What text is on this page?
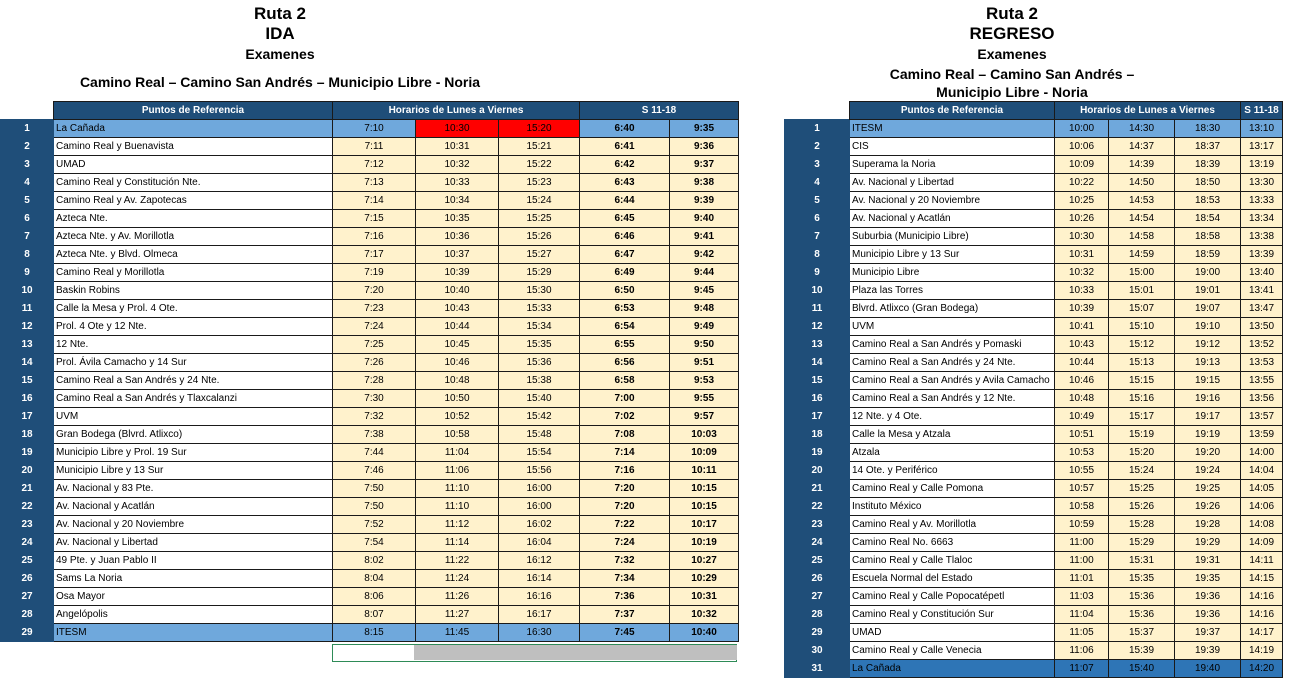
Ruta 2
IDA
Examenes
Camino Real – Camino San Andrés – Municipio Libre - Noria
Ruta 2
REGRESO
Examenes
Camino Real – Camino San Andrés –
Municipio Libre - Noria
	Puntos de Referencia	Horarios de Lunes a Viernes			S 11-18	
1	La Cañada	7:10	10:30	15:20	6:40	9:35
2	Camino Real y Buenavista	7:11	10:31	15:21	6:41	9:36
3	UMAD	7:12	10:32	15:22	6:42	9:37
4	Camino Real y Constitución Nte.	7:13	10:33	15:23	6:43	9:38
5	Camino Real y Av. Zapotecas	7:14	10:34	15:24	6:44	9:39
6	Azteca Nte.	7:15	10:35	15:25	6:45	9:40
7	Azteca Nte. y Av. Morillotla	7:16	10:36	15:26	6:46	9:41
8	Azteca Nte. y Blvd. Olmeca	7:17	10:37	15:27	6:47	9:42
9	Camino Real y Morillotla	7:19	10:39	15:29	6:49	9:44
10	Baskin Robins	7:20	10:40	15:30	6:50	9:45
11	Calle la Mesa y Prol. 4 Ote.	7:23	10:43	15:33	6:53	9:48
12	Prol. 4 Ote y 12 Nte.	7:24	10:44	15:34	6:54	9:49
13	12 Nte.	7:25	10:45	15:35	6:55	9:50
14	Prol. Ávila Camacho y 14 Sur	7:26	10:46	15:36	6:56	9:51
15	Camino Real a San Andrés y 24 Nte.	7:28	10:48	15:38	6:58	9:53
16	Camino Real a San Andrés y Tlaxcalanzi	7:30	10:50	15:40	7:00	9:55
17	UVM	7:32	10:52	15:42	7:02	9:57
18	Gran Bodega (Blvrd. Atlixco)	7:38	10:58	15:48	7:08	10:03
19	Municipio Libre y Prol. 19 Sur	7:44	11:04	15:54	7:14	10:09
20	Municipio Libre y 13 Sur	7:46	11:06	15:56	7:16	10:11
21	Av. Nacional y 83 Pte.	7:50	11:10	16:00	7:20	10:15
22	Av. Nacional y Acatlán	7:50	11:10	16:00	7:20	10:15
23	Av. Nacional y 20 Noviembre	7:52	11:12	16:02	7:22	10:17
24	Av. Nacional y Libertad	7:54	11:14	16:04	7:24	10:19
25	49 Pte. y Juan Pablo II	8:02	11:22	16:12	7:32	10:27
26	Sams La Noria	8:04	11:24	16:14	7:34	10:29
27	Osa Mayor	8:06	11:26	16:16	7:36	10:31
28	Angelópolis	8:07	11:27	16:17	7:37	10:32
29	ITESM	8:15	11:45	16:30	7:45	10:40
	Puntos de Referencia	Horarios de Lunes a Viernes			S 11-18
1	ITESM	10:00	14:30	18:30	13:10
2	CIS	10:06	14:37	18:37	13:17
3	Superama la Noria	10:09	14:39	18:39	13:19
4	Av. Nacional y Libertad	10:22	14:50	18:50	13:30
5	Av. Nacional y 20 Noviembre	10:25	14:53	18:53	13:33
6	Av. Nacional y Acatlán	10:26	14:54	18:54	13:34
7	Suburbia (Municipio Libre)	10:30	14:58	18:58	13:38
8	Municipio Libre y 13 Sur	10:31	14:59	18:59	13:39
9	Municipio Libre	10:32	15:00	19:00	13:40
10	Plaza las Torres	10:33	15:01	19:01	13:41
11	Blvrd. Atlixco (Gran Bodega)	10:39	15:07	19:07	13:47
12	UVM	10:41	15:10	19:10	13:50
13	Camino Real a San Andrés y Pomaski	10:43	15:12	19:12	13:52
14	Camino Real a San Andrés y 24 Nte.	10:44	15:13	19:13	13:53
15	Camino Real a San Andrés y Avila Camacho	10:46	15:15	19:15	13:55
16	Camino Real a San Andrés y 12 Nte.	10:48	15:16	19:16	13:56
17	12 Nte. y 4 Ote.	10:49	15:17	19:17	13:57
18	Calle la Mesa y Atzala	10:51	15:19	19:19	13:59
19	Atzala	10:53	15:20	19:20	14:00
20	14 Ote. y Periférico	10:55	15:24	19:24	14:04
21	Camino Real y Calle Pomona	10:57	15:25	19:25	14:05
22	Instituto México	10:58	15:26	19:26	14:06
23	Camino Real y Av. Morillotla	10:59	15:28	19:28	14:08
24	Camino Real No. 6663	11:00	15:29	19:29	14:09
25	Camino Real y Calle Tlaloc	11:00	15:31	19:31	14:11
26	Escuela Normal del Estado	11:01	15:35	19:35	14:15
27	Camino Real y Calle Popocatépetl	11:03	15:36	19:36	14:16
28	Camino Real y Constitución Sur	11:04	15:36	19:36	14:16
29	UMAD	11:05	15:37	19:37	14:17
30	Camino Real y Calle Venecia	11:06	15:39	19:39	14:19
31	La Cañada	11:07	15:40	19:40	14:20
